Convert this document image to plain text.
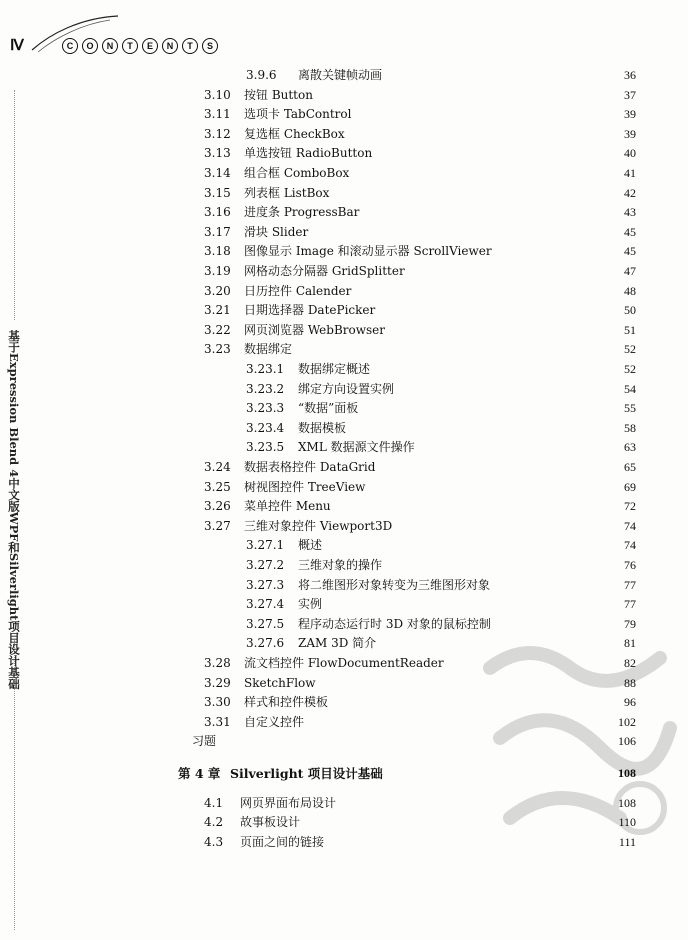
Ⅳ	C	O	N	T	E	N	T	S
基于Expression Blend 4中文版WPF和Silverlight项目设计基础
3.9.6 离散关键帧动画	36
3.10 按钮 Button	37
3.11 选项卡 TabControl	39
3.12 复选框 CheckBox	39
3.13 单选按钮 RadioButton	40
3.14 组合框 ComboBox	41
3.15 列表框 ListBox	42
3.16 进度条 ProgressBar	43
3.17 滑块 Slider	45
3.18 图像显示 Image 和滚动显示器 ScrollViewer	45
3.19 网格动态分隔器 GridSplitter	47
3.20 日历控件 Calender	48
3.21 日期选择器 DatePicker	50
3.22 网页浏览器 WebBrowser	51
3.23 数据绑定	52
3.23.1 数据绑定概述	52
3.23.2 绑定方向设置实例	54
3.23.3 “数据”面板	55
3.23.4 数据模板	58
3.23.5 XML 数据源文件操作	63
3.24 数据表格控件 DataGrid	65
3.25 树视图控件 TreeView	69
3.26 菜单控件 Menu	72
3.27 三维对象控件 Viewport3D	74
3.27.1 概述	74
3.27.2 三维对象的操作	76
3.27.3 将二维图形对象转变为三维图形对象	77
3.27.4 实例	77
3.27.5 程序动态运行时 3D 对象的鼠标控制	79
3.27.6 ZAM 3D 简介	81
3.28 流文档控件 FlowDocumentReader	82
3.29 SketchFlow	88
3.30 样式和控件模板	96
3.31 自定义控件	102
习题	106
第 4 章 Silverlight 项目设计基础	108
4.1 网页界面布局设计	108
4.2 故事板设计	110
4.3 页面之间的链接	111
